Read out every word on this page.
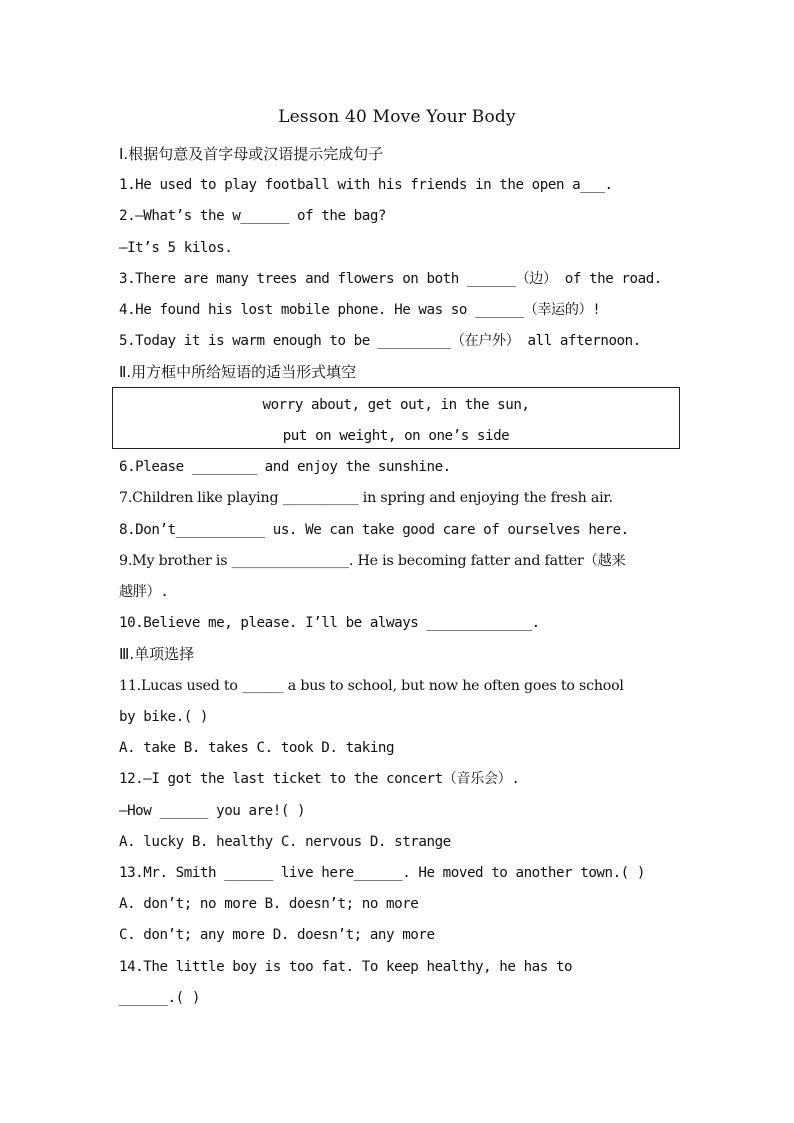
Lesson 40 Move Your Body
Ⅰ.根据句意及首字母或汉语提示完成句子
1.He used to play football with his friends in the open a___.
2.—What’s the w______ of the bag?
—It’s 5 kilos.
3.There are many trees and flowers on both ______（边） of the road.
4.He found his lost mobile phone. He was so ______（幸运的）!
5.Today it is warm enough to be _________（在户外） all afternoon.
Ⅱ.用方框中所给短语的适当形式填空
worry about, get out, in the sun,
put on weight, on one’s side
6.Please ________ and enjoy the sunshine.
7.Children like playing ___________ in spring and enjoying the fresh air.
8.Don’t___________ us. We can take good care of ourselves here.
9.My brother is _________________. He is becoming fatter and fatter（越来
越胖）.
10.Believe me, please. I’ll be always _____________.
Ⅲ.单项选择
11.Lucas used to ______ a bus to school, but now he often goes to school
by bike.( )
A. take B. takes C. took D. taking
12.—I got the last ticket to the concert（音乐会）.
—How ______ you are!( )
A. lucky B. healthy C. nervous D. strange
13.Mr. Smith ______ live here______. He moved to another town.( )
A. don’t; no more B. doesn’t; no more
C. don’t; any more D. doesn’t; any more
14.The little boy is too fat. To keep healthy, he has to
______.( )
